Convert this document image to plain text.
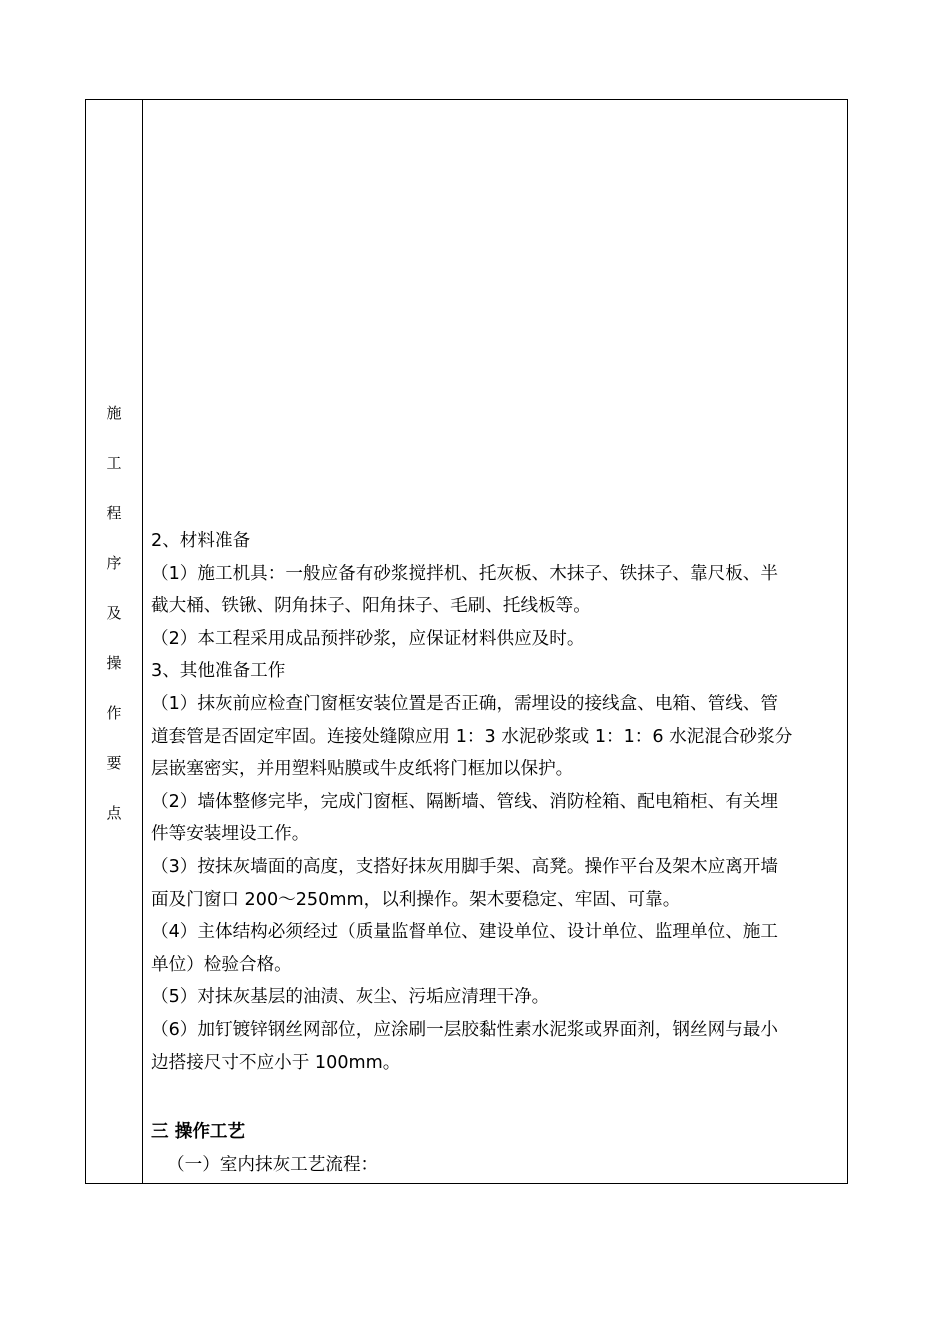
施
工
程
序
及
操
作
要
点
2、材料准备
（1）施工机具：一般应备有砂浆搅拌机、托灰板、木抹子、铁抹子、靠尺板、半
截大桶、铁锹、阴角抹子、阳角抹子、毛刷、托线板等。
（2）本工程采用成品预拌砂浆，应保证材料供应及时。
3、其他准备工作
（1）抹灰前应检查门窗框安装位置是否正确，需埋设的接线盒、电箱、管线、管
道套管是否固定牢固。连接处缝隙应用 1：3 水泥砂浆或 1：1：6 水泥混合砂浆分
层嵌塞密实，并用塑料贴膜或牛皮纸将门框加以保护。
（2）墙体整修完毕，完成门窗框、隔断墙、管线、消防栓箱、配电箱柜、有关埋
件等安装埋设工作。
（3）按抹灰墙面的高度，支搭好抹灰用脚手架、高凳。操作平台及架木应离开墙
面及门窗口 200～250mm，以利操作。架木要稳定、牢固、可靠。
（4）主体结构必须经过（质量监督单位、建设单位、设计单位、监理单位、施工
单位）检验合格。
（5）对抹灰基层的油渍、灰尘、污垢应清理干净。
（6）加钉镀锌钢丝网部位，应涂刷一层胶黏性素水泥浆或界面剂，钢丝网与最小
边搭接尺寸不应小于 100mm。
三 操作工艺
（一）室内抹灰工艺流程：
